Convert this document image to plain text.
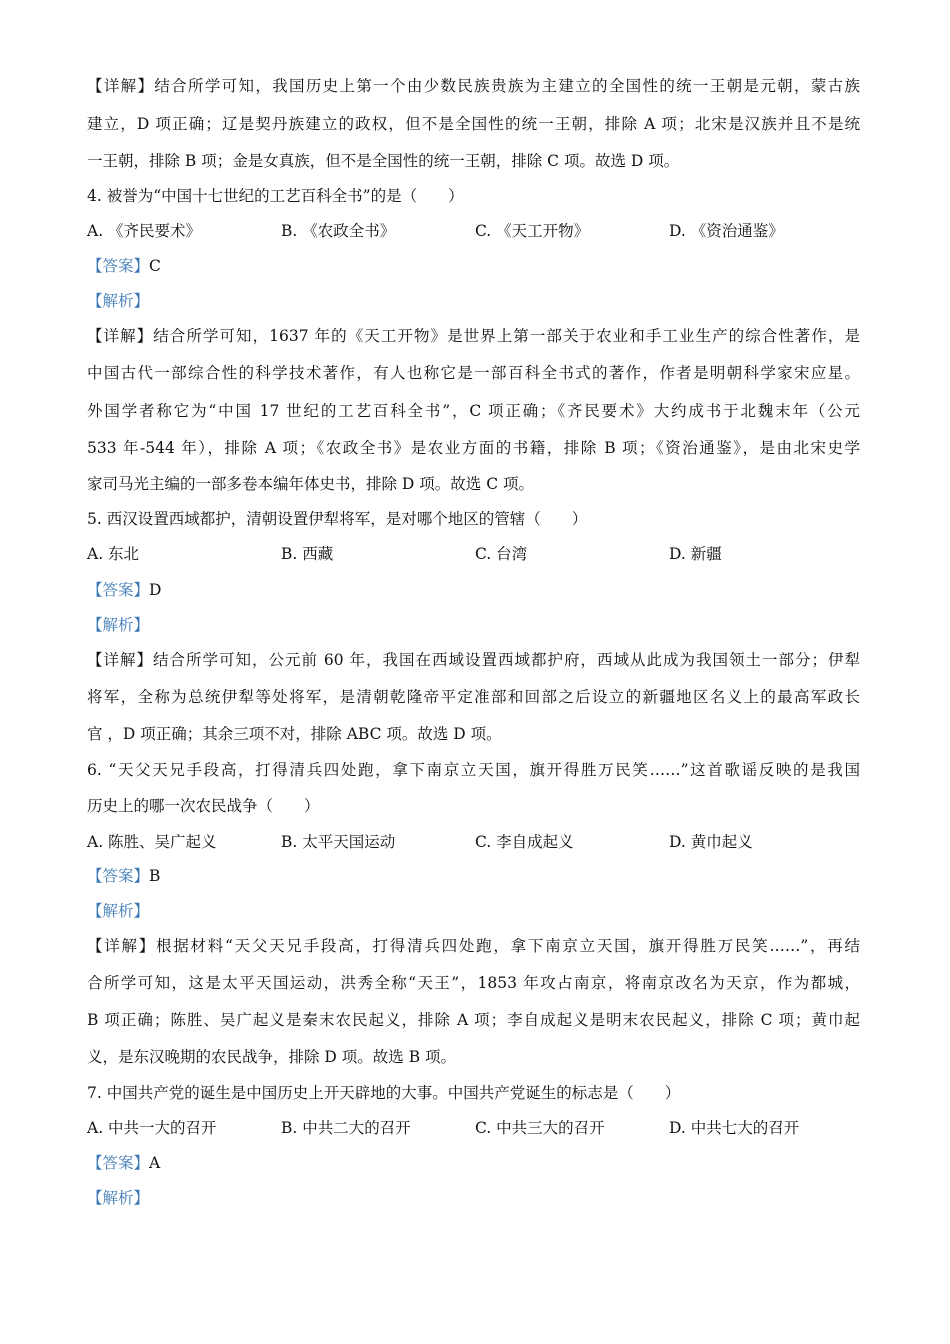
【详解】结合所学可知，我国历史上第一个由少数民族贵族为主建立的全国性的统一王朝是元朝，蒙古族
建立，D 项正确；辽是契丹族建立的政权，但不是全国性的统一王朝，排除 A 项；北宋是汉族并且不是统
一王朝，排除 B 项；金是女真族，但不是全国性的统一王朝，排除 C 项。故选 D 项。
4. 被誉为“中国十七世纪的工艺百科全书”的是（　　）
A. 《齐民要术》	B. 《农政全书》	C. 《天工开物》	D. 《资治通鉴》
【答案】C
【解析】
【详解】结合所学可知，1637 年的《天工开物》是世界上第一部关于农业和手工业生产的综合性著作，是
中国古代一部综合性的科学技术著作，有人也称它是一部百科全书式的著作，作者是明朝科学家宋应星。
外国学者称它为“中国 17 世纪的工艺百科全书”，C 项正确；《齐民要术》大约成书于北魏末年（公元
533 年-544 年），排除 A 项；《农政全书》是农业方面的书籍，排除 B 项；《资治通鉴》，是由北宋史学
家司马光主编的一部多卷本编年体史书，排除 D 项。故选 C 项。
5. 西汉设置西域都护，清朝设置伊犁将军，是对哪个地区的管辖（　　）
A. 东北	B. 西藏	C. 台湾	D. 新疆
【答案】D
【解析】
【详解】结合所学可知，公元前 60 年，我国在西域设置西域都护府，西域从此成为我国领土一部分；伊犁
将军，全称为总统伊犁等处将军，是清朝乾隆帝平定准部和回部之后设立的新疆地区名义上的最高军政长
官 ，D 项正确；其余三项不对，排除 ABC 项。故选 D 项。
6. “天父天兄手段高，打得清兵四处跑，拿下南京立天国，旗开得胜万民笑……”这首歌谣反映的是我国
历史上的哪一次农民战争（　　）
A. 陈胜、吴广起义	B. 太平天国运动	C. 李自成起义	D. 黄巾起义
【答案】B
【解析】
【详解】根据材料“天父天兄手段高，打得清兵四处跑，拿下南京立天国，旗开得胜万民笑……”，再结
合所学可知，这是太平天国运动，洪秀全称“天王”，1853 年攻占南京，将南京改名为天京，作为都城，
B 项正确；陈胜、吴广起义是秦末农民起义，排除 A 项；李自成起义是明末农民起义，排除 C 项；黄巾起
义，是东汉晚期的农民战争，排除 D 项。故选 B 项。
7. 中国共产党的诞生是中国历史上开天辟地的大事。中国共产党诞生的标志是（　　）
A. 中共一大的召开	B. 中共二大的召开	C. 中共三大的召开	D. 中共七大的召开
【答案】A
【解析】
